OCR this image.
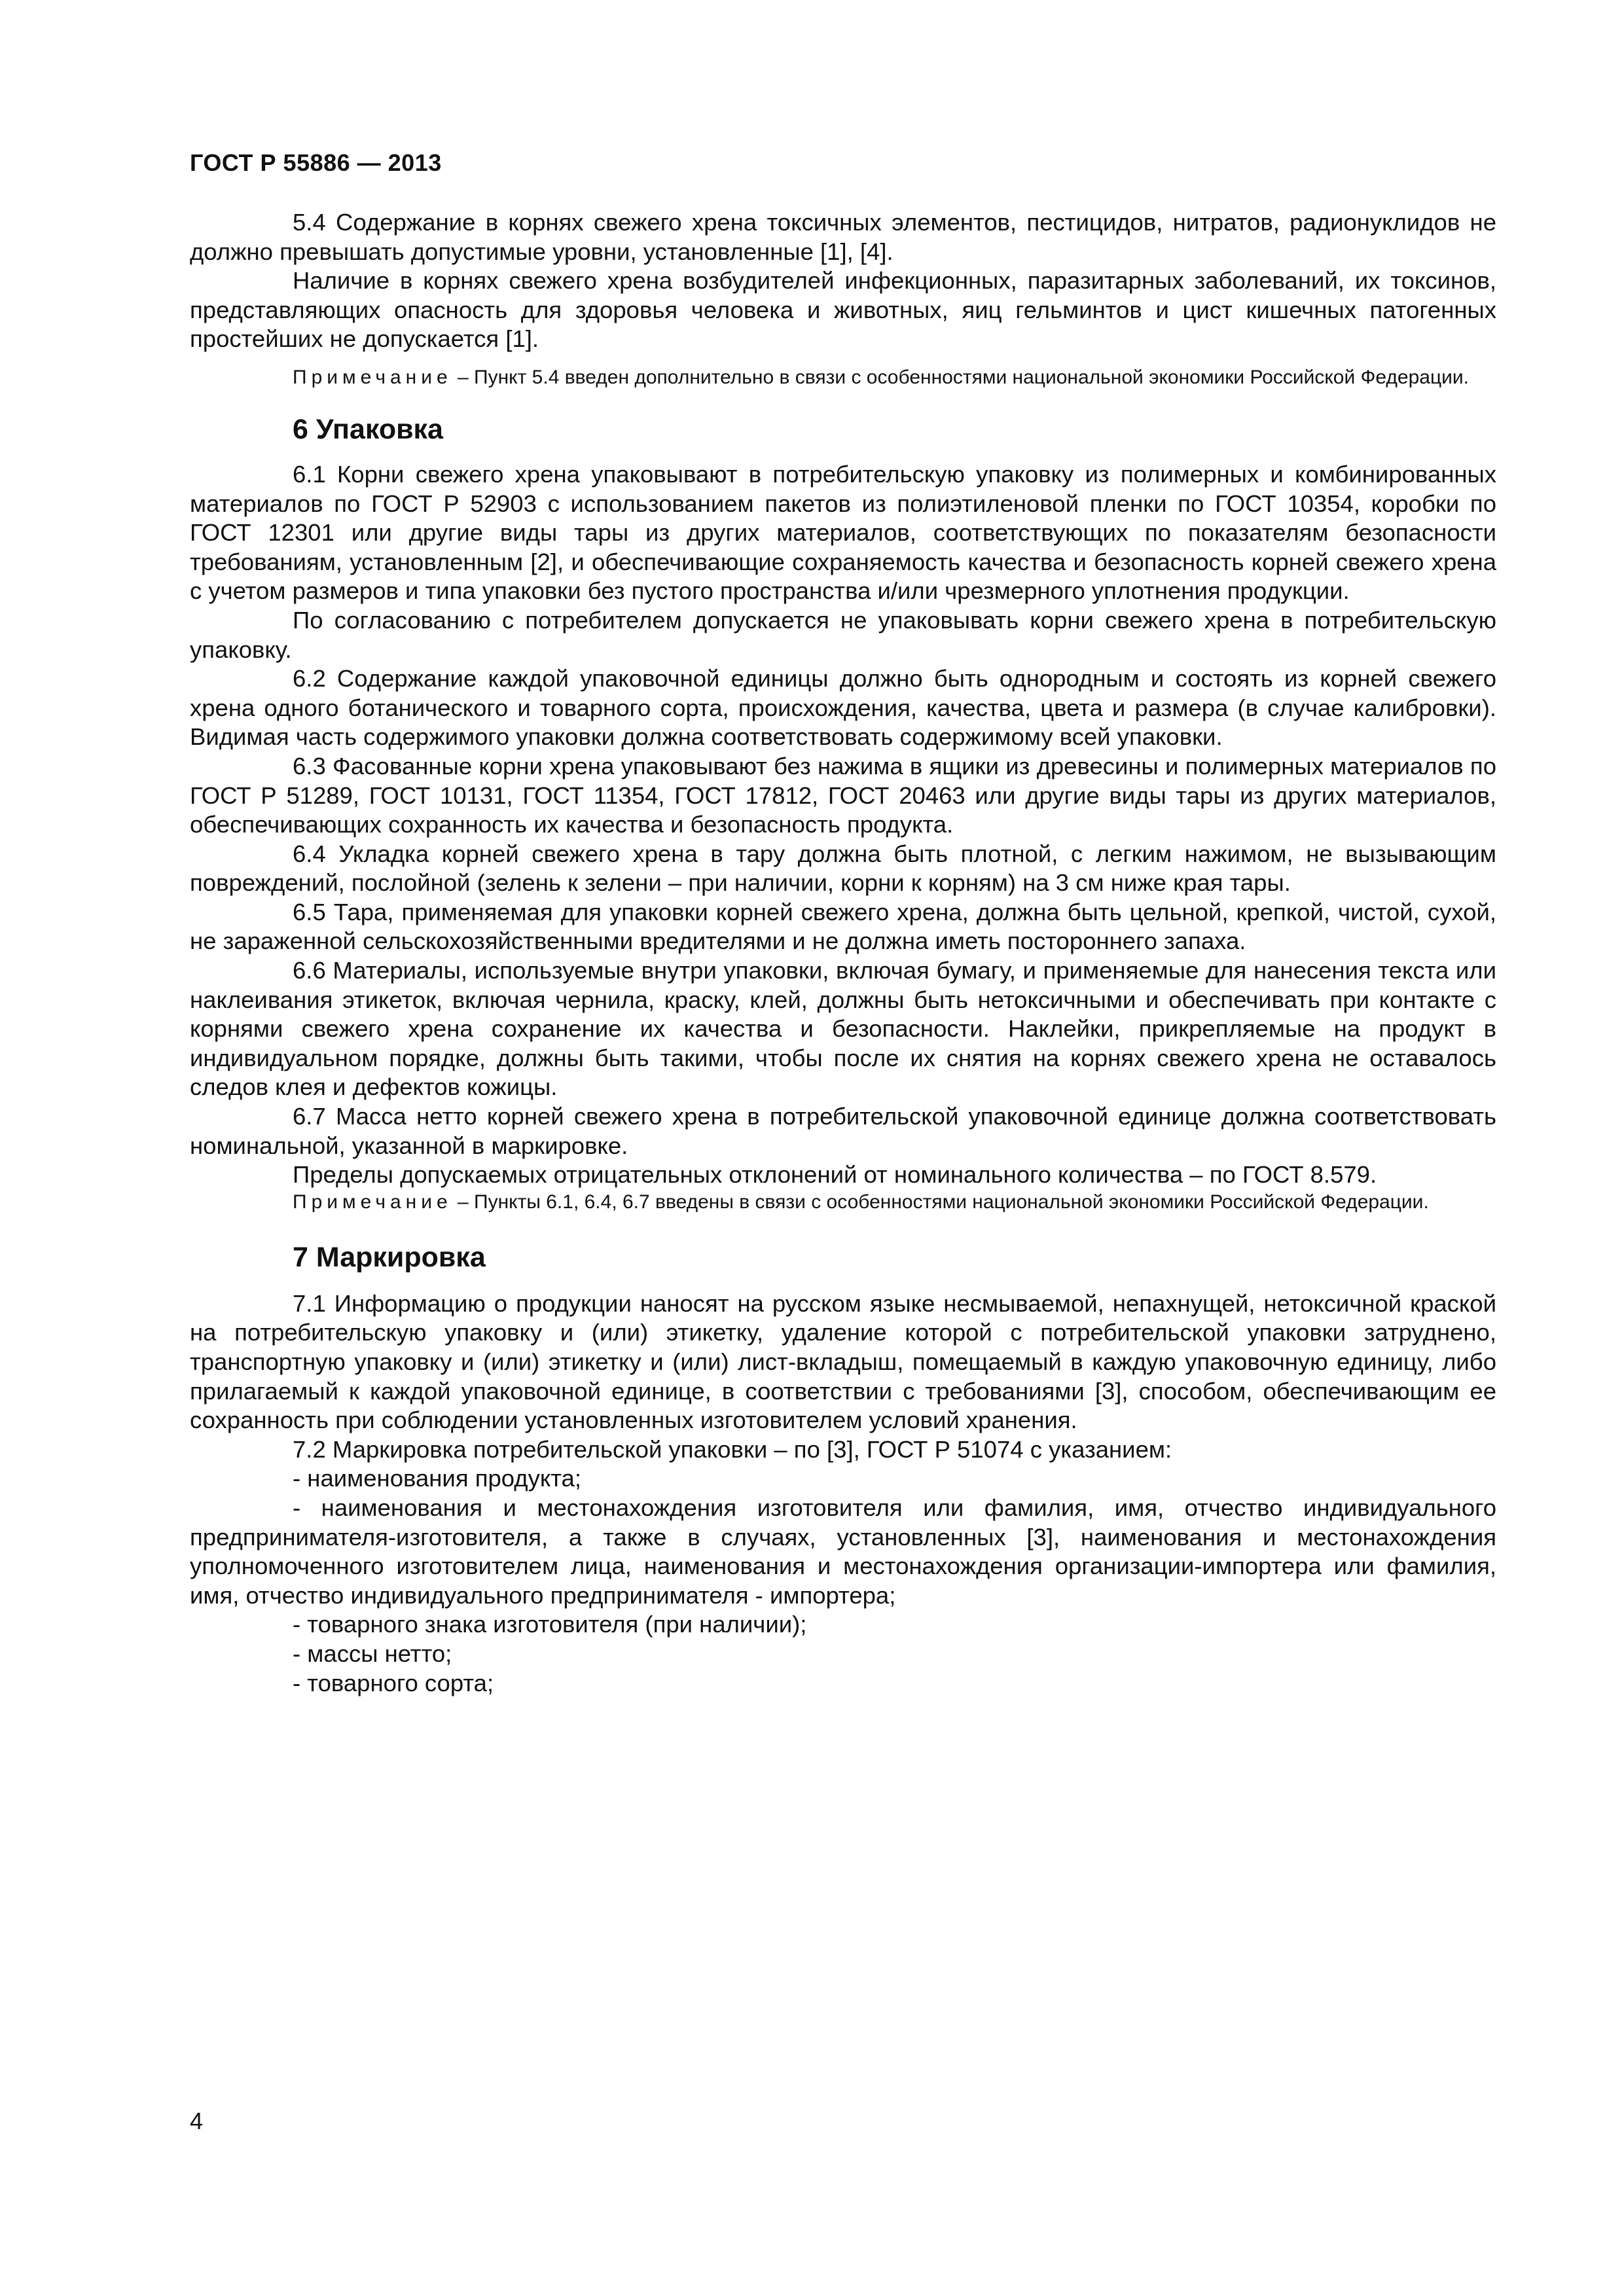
ГОСТ Р 55886 — 2013

5.4 Содержание в корнях свежего хрена токсичных элементов, пестицидов, нитратов, радионуклидов не должно превышать допустимые уровни, установленные [1], [4].

Наличие в корнях свежего хрена возбудителей инфекционных, паразитарных заболеваний, их токсинов, представляющих опасность для здоровья человека и животных, яиц гельминтов и цист кишечных патогенных простейших не допускается [1].

Примечание – Пункт 5.4 введен дополнительно в связи с особенностями национальной экономики Российской Федерации.

6 Упаковка

6.1 Корни свежего хрена упаковывают в потребительскую упаковку из полимерных и комбинированных материалов по ГОСТ Р 52903 с использованием пакетов из полиэтиленовой пленки по ГОСТ 10354, коробки по ГОСТ 12301 или другие виды тары из других материалов, соответствующих по показателям безопасности требованиям, установленным [2], и обеспечивающие сохраняемость качества и безопасность корней свежего хрена с учетом размеров и типа упаковки без пустого пространства и/или чрезмерного уплотнения продукции.

По согласованию с потребителем допускается не упаковывать корни свежего хрена в потребительскую упаковку.

6.2 Содержание каждой упаковочной единицы должно быть однородным и состоять из корней свежего хрена одного ботанического и товарного сорта, происхождения, качества, цвета и размера (в случае калибровки). Видимая часть содержимого упаковки должна соответствовать содержимому всей упаковки.

6.3 Фасованные корни хрена упаковывают без нажима в ящики из древесины и полимерных материалов по ГОСТ Р 51289, ГОСТ 10131, ГОСТ 11354, ГОСТ 17812, ГОСТ 20463 или другие виды тары из других материалов, обеспечивающих сохранность их качества и безопасность продукта.

6.4 Укладка корней свежего хрена в тару должна быть плотной, с легким нажимом, не вызывающим повреждений, послойной (зелень к зелени – при наличии, корни к корням) на 3 см ниже края тары.

6.5 Тара, применяемая для упаковки корней свежего хрена, должна быть цельной, крепкой, чистой, сухой, не зараженной сельскохозяйственными вредителями и не должна иметь постороннего запаха.

6.6 Материалы, используемые внутри упаковки, включая бумагу, и применяемые для нанесения текста или наклеивания этикеток, включая чернила, краску, клей, должны быть нетоксичными и обеспечивать при контакте с корнями свежего хрена сохранение их качества и безопасности. Наклейки, прикрепляемые на продукт в индивидуальном порядке, должны быть такими, чтобы после их снятия на корнях свежего хрена не оставалось следов клея и дефектов кожицы.

6.7 Масса нетто корней свежего хрена в потребительской упаковочной единице должна соответствовать номинальной, указанной в маркировке.

Пределы допускаемых отрицательных отклонений от номинального количества – по ГОСТ 8.579.

Примечание – Пункты 6.1, 6.4, 6.7 введены в связи с особенностями национальной экономики Российской Федерации.

7 Маркировка

7.1 Информацию о продукции наносят на русском языке несмываемой, непахнущей, нетоксичной краской на потребительскую упаковку и (или) этикетку, удаление которой с потребительской упаковки затруднено, транспортную упаковку и (или) этикетку и (или) лист-вкладыш, помещаемый в каждую упаковочную единицу, либо прилагаемый к каждой упаковочной единице, в соответствии с требованиями [3], способом, обеспечивающим ее сохранность при соблюдении установленных изготовителем условий хранения.

7.2 Маркировка потребительской упаковки – по [3], ГОСТ Р 51074 с указанием:

- наименования продукта;

- наименования и местонахождения изготовителя или фамилия, имя, отчество индивидуального предпринимателя-изготовителя, а также в случаях, установленных [3], наименования и местонахождения уполномоченного изготовителем лица, наименования и местонахождения организации-импортера или фамилия, имя, отчество индивидуального предпринимателя - импортера;

- товарного знака изготовителя (при наличии);

- массы нетто;

- товарного сорта;

4
